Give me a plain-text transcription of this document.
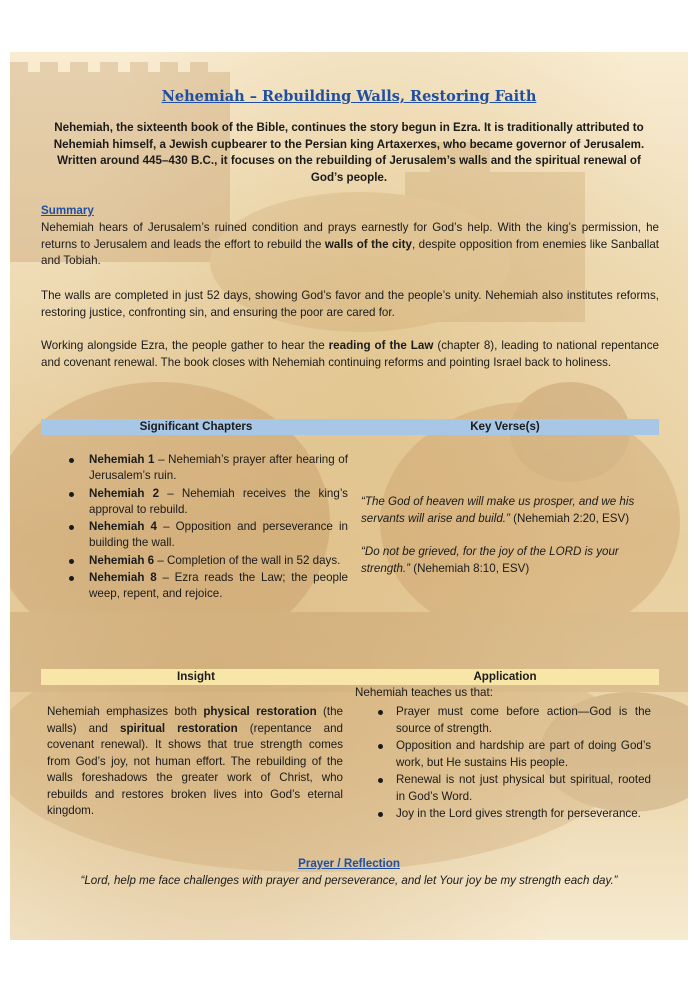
Nehemiah – Rebuilding Walls, Restoring Faith
Nehemiah, the sixteenth book of the Bible, continues the story begun in Ezra. It is traditionally attributed to Nehemiah himself, a Jewish cupbearer to the Persian king Artaxerxes, who became governor of Jerusalem. Written around 445–430 B.C., it focuses on the rebuilding of Jerusalem’s walls and the spiritual renewal of God’s people.
Summary
Nehemiah hears of Jerusalem’s ruined condition and prays earnestly for God’s help. With the king’s permission, he returns to Jerusalem and leads the effort to rebuild the walls of the city, despite opposition from enemies like Sanballat and Tobiah.
The walls are completed in just 52 days, showing God’s favor and the people’s unity. Nehemiah also institutes reforms, restoring justice, confronting sin, and ensuring the poor are cared for.
Working alongside Ezra, the people gather to hear the reading of the Law (chapter 8), leading to national repentance and covenant renewal. The book closes with Nehemiah continuing reforms and pointing Israel back to holiness.
Significant Chapters	Key Verse(s)
Nehemiah 1 – Nehemiah’s prayer after hearing of Jerusalem’s ruin.
Nehemiah 2 – Nehemiah receives the king’s approval to rebuild.
Nehemiah 4 – Opposition and perseverance in building the wall.
Nehemiah 6 – Completion of the wall in 52 days.
Nehemiah 8 – Ezra reads the Law; the people weep, repent, and rejoice.
“The God of heaven will make us prosper, and we his servants will arise and build.” (Nehemiah 2:20, ESV)
“Do not be grieved, for the joy of the LORD is your strength.” (Nehemiah 8:10, ESV)
Insight	Application
Nehemiah emphasizes both physical restoration (the walls) and spiritual restoration (repentance and covenant renewal). It shows that true strength comes from God’s joy, not human effort. The rebuilding of the walls foreshadows the greater work of Christ, who rebuilds and restores broken lives into God’s eternal kingdom.
Nehemiah teaches us that:
Prayer must come before action—God is the source of strength.
Opposition and hardship are part of doing God’s work, but He sustains His people.
Renewal is not just physical but spiritual, rooted in God’s Word.
Joy in the Lord gives strength for perseverance.
Prayer / Reflection
“Lord, help me face challenges with prayer and perseverance, and let Your joy be my strength each day.”
